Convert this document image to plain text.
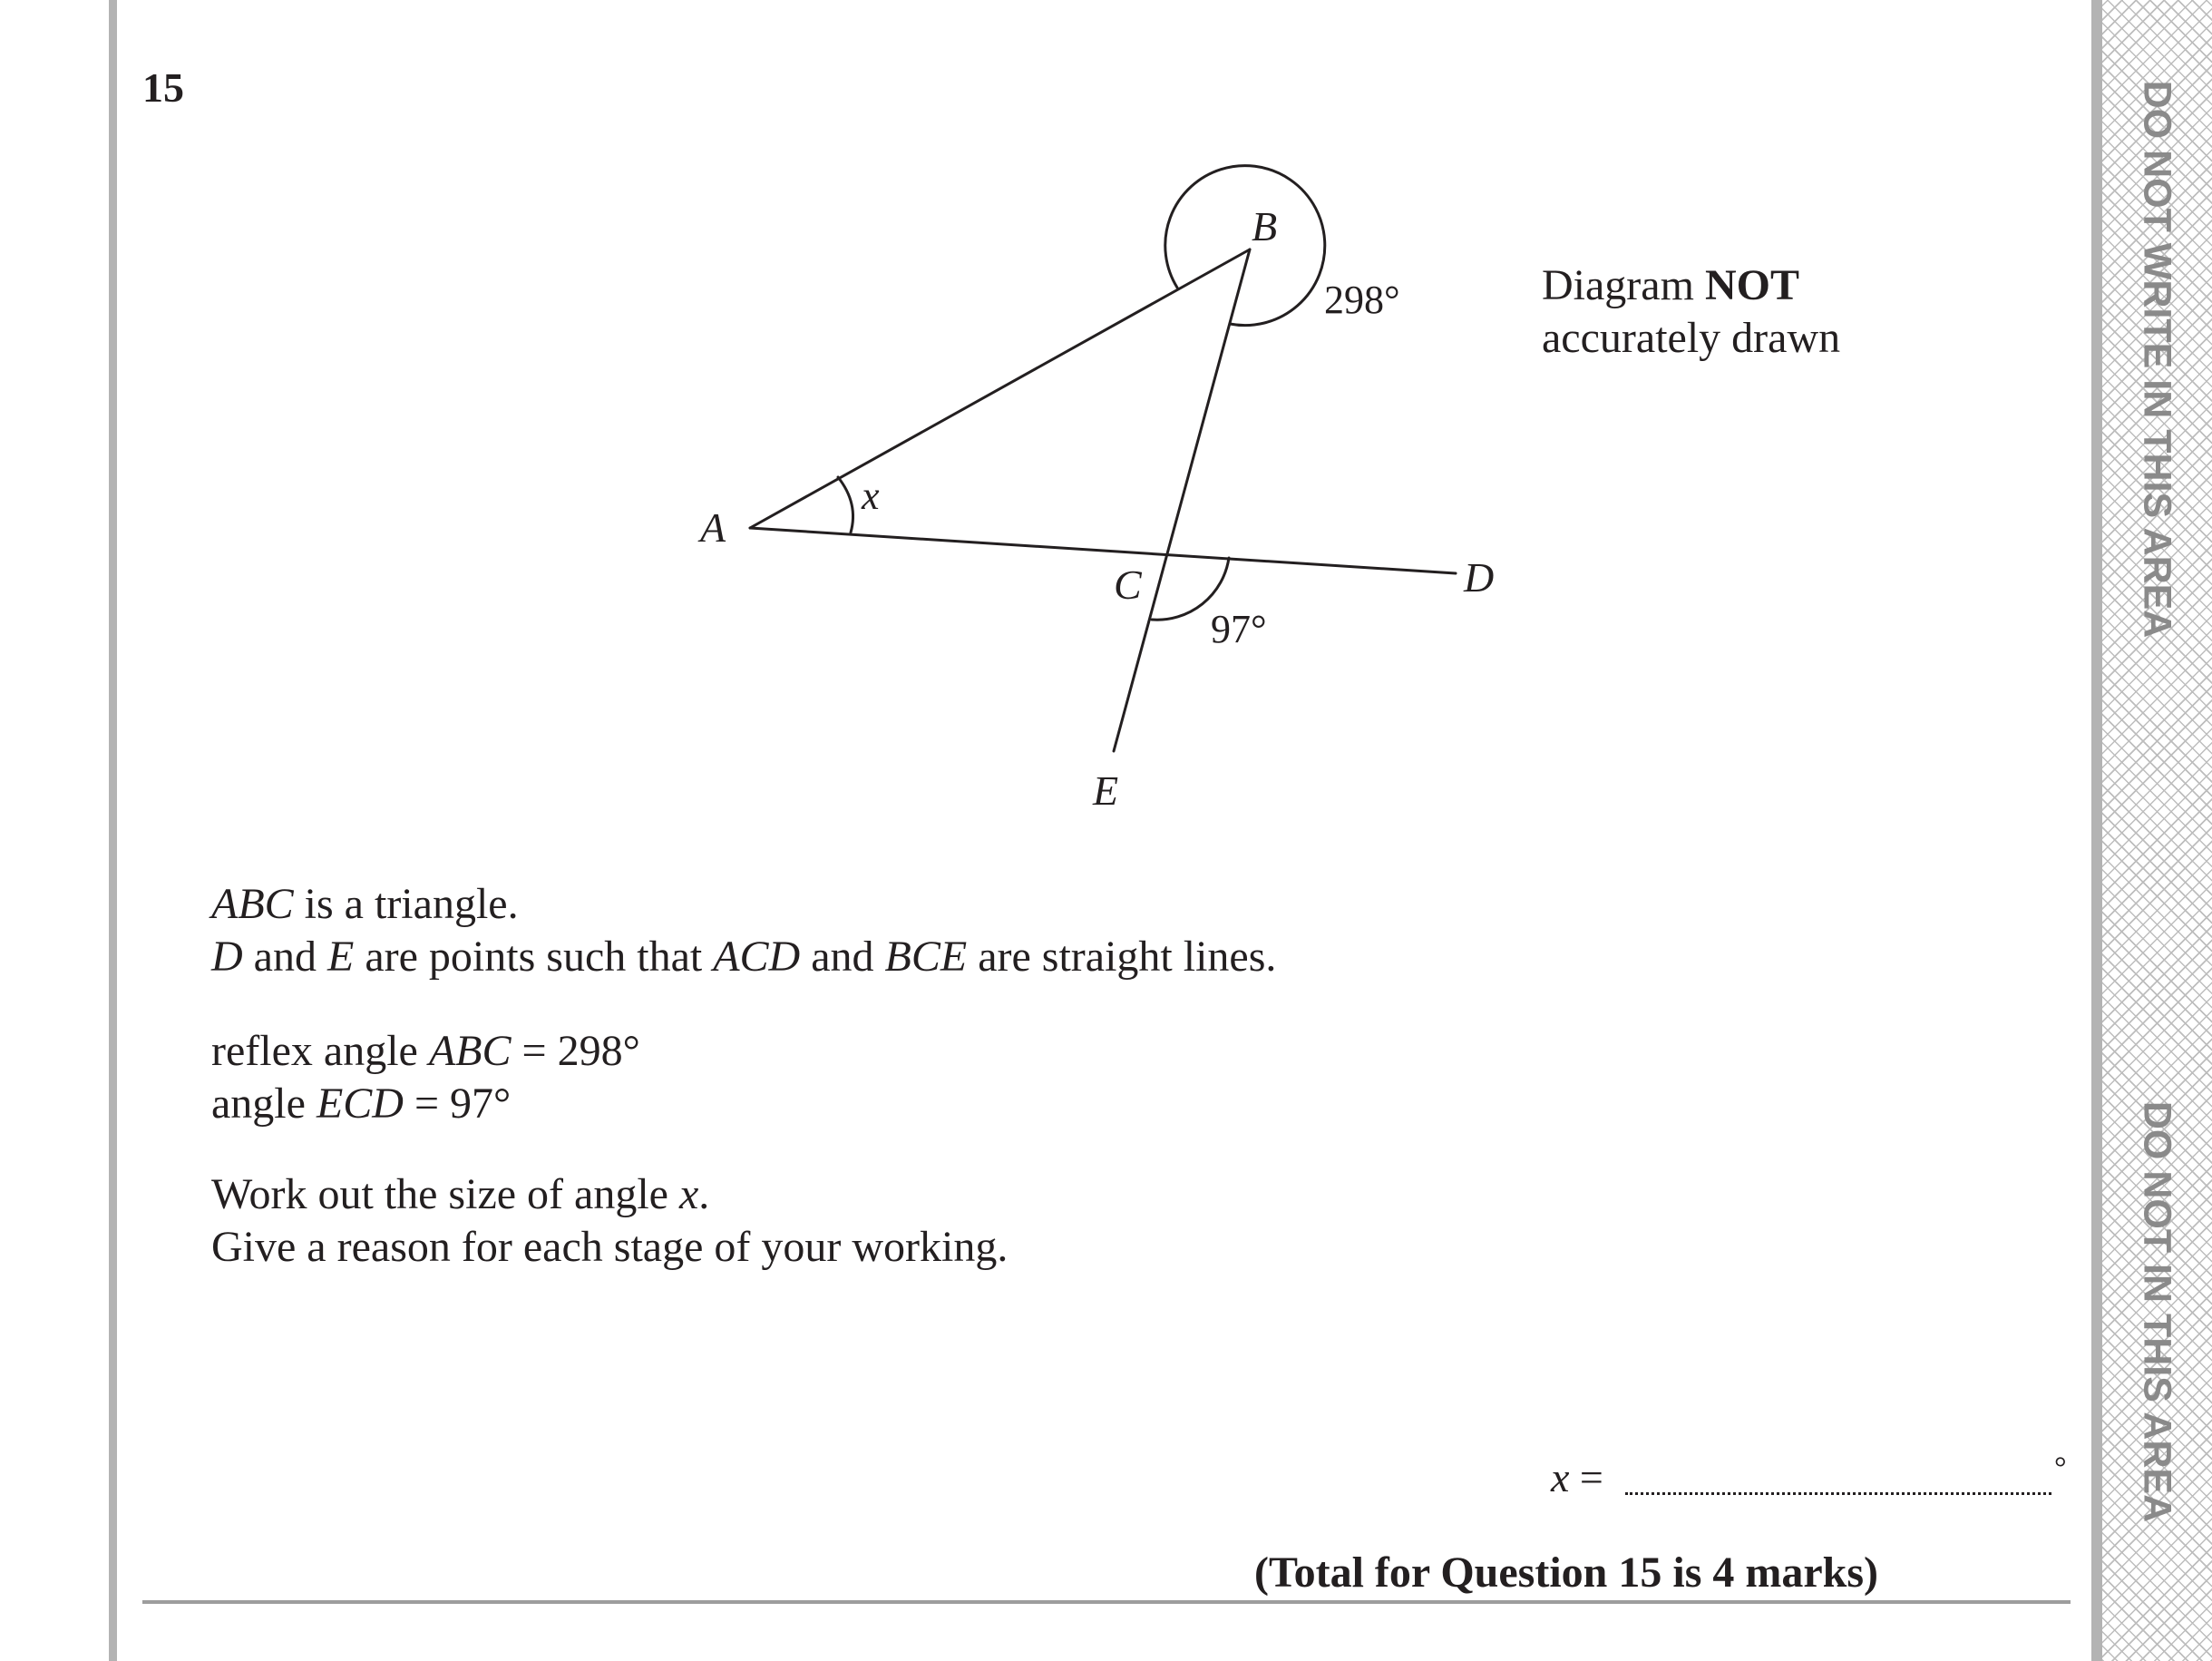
DO NOT WRITE IN THIS AREA
DO NOT IN THIS AREA
15
A
B
C	D
E
x
298°
97°
Diagram NOT
accurately drawn
ABC is a triangle.
D and E are points such that ACD and BCE are straight lines.
reflex angle ABC = 298°
angle ECD = 97°
Work out the size of angle x.
Give a reason for each stage of your working.
x =	°
(Total for Question 15 is 4 marks)
